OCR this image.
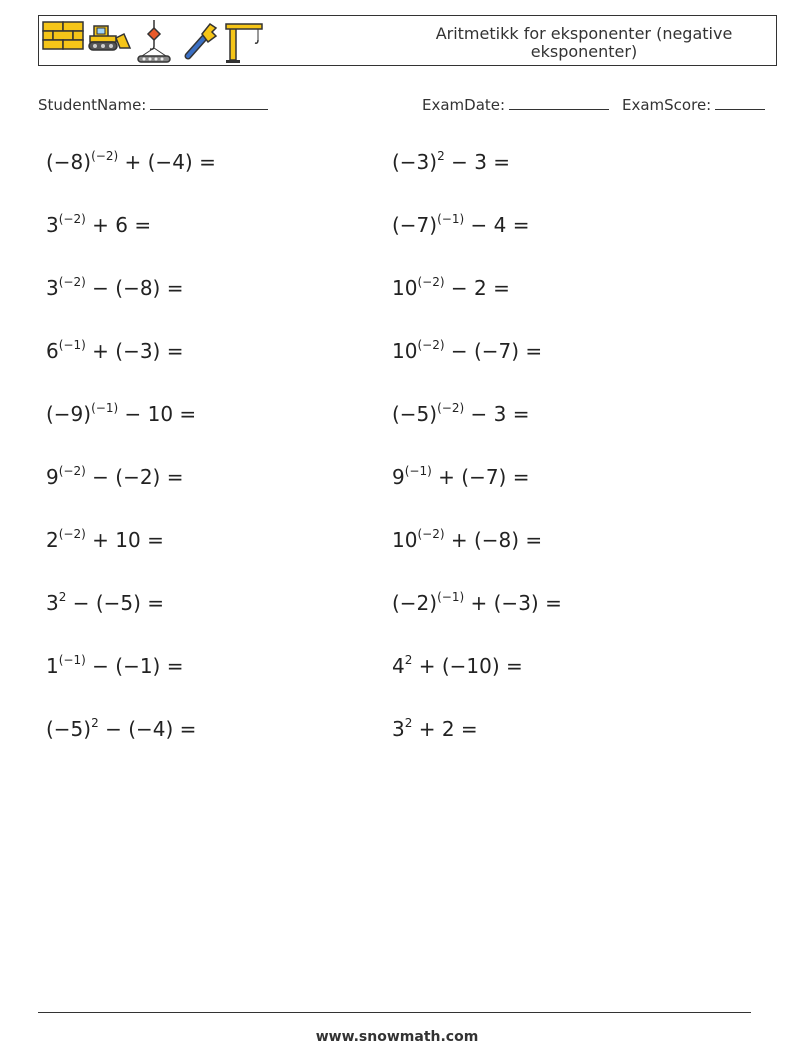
Aritmetikk for eksponenter (negative eksponenter)
StudentName:	ExamDate:	ExamScore:
$(-8)^{(-2)} + (-4)$ =
$3^{(-2)} + 6$ =
$3^{(-2)} - (-8)$ =
$6^{(-1)} + (-3)$ =
$(-9)^{(-1)} - 10$ =
$9^{(-2)} - (-2)$ =
$2^{(-2)} + 10$ =
$3^2 - (-5)$ =
$1^{(-1)} - (-1)$ =
$(-5)^2 - (-4)$ =
$(-3)^2 - 3$ =
$(-7)^{(-1)} - 4$ =
$10^{(-2)} - 2$ =
$10^{(-2)} - (-7)$ =
$(-5)^{(-2)} - 3$ =
$9^{(-1)} + (-7)$ =
$10^{(-2)} + (-8)$ =
$(-2)^{(-1)} + (-3)$ =
$4^2 + (-10)$ =
$3^2 + 2$ =
www.snowmath.com
